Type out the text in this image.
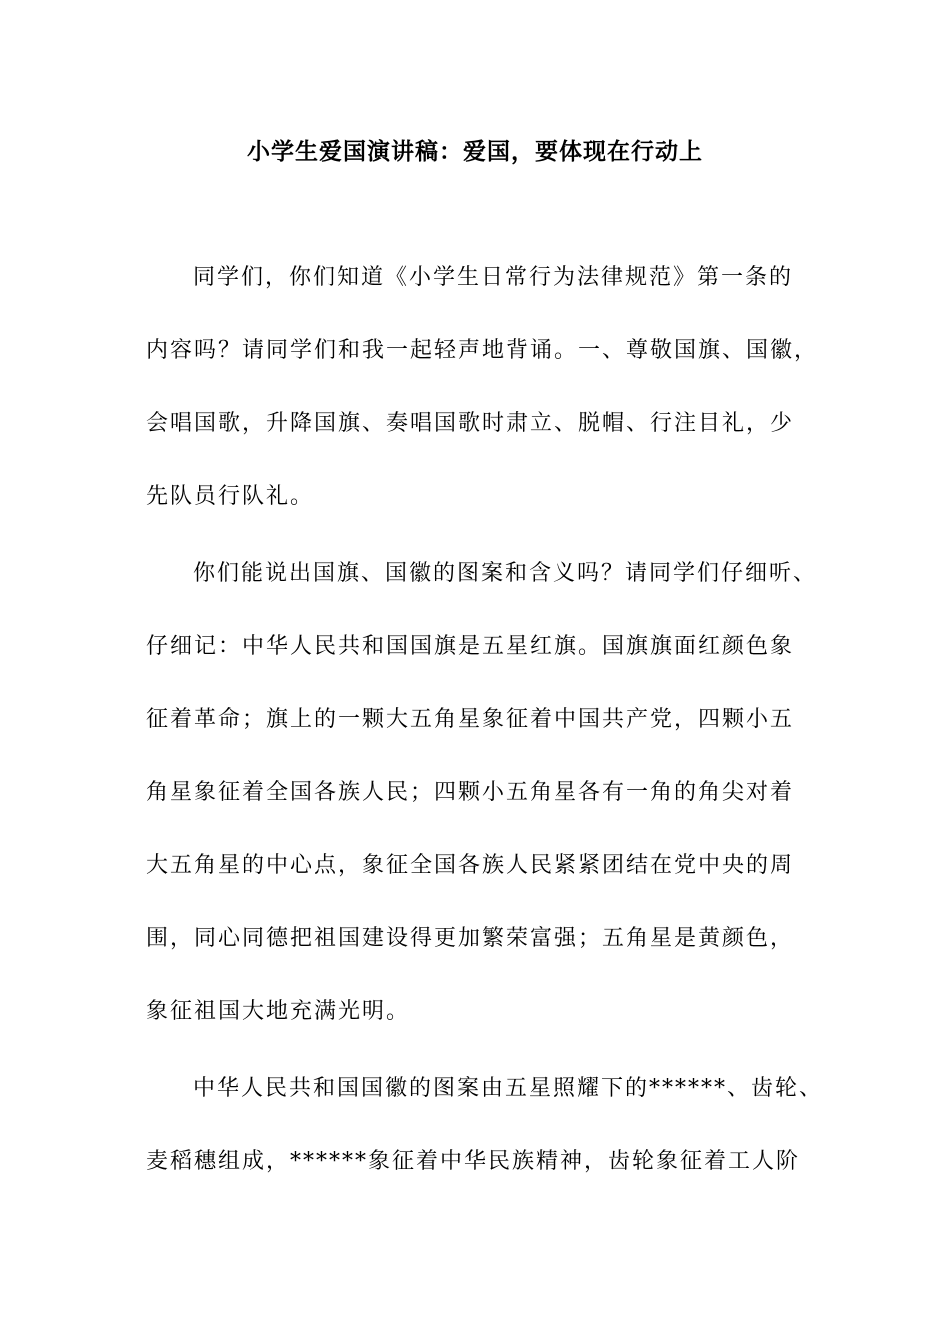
小学生爱国演讲稿：爱国，要体现在行动上
同学们，你们知道《小学生日常行为法律规范》第一条的
内容吗？请同学们和我一起轻声地背诵。一、尊敬国旗、国徽，
会唱国歌，升降国旗、奏唱国歌时肃立、脱帽、行注目礼，少
先队员行队礼。
你们能说出国旗、国徽的图案和含义吗？请同学们仔细听、
仔细记：中华人民共和国国旗是五星红旗。国旗旗面红颜色象
征着革命；旗上的一颗大五角星象征着中国共产党，四颗小五
角星象征着全国各族人民；四颗小五角星各有一角的角尖对着
大五角星的中心点，象征全国各族人民紧紧团结在党中央的周
围，同心同德把祖国建设得更加繁荣富强；五角星是黄颜色，
象征祖国大地充满光明。
中华人民共和国国徽的图案由五星照耀下的******、齿轮、
麦稻穗组成，******象征着中华民族精神，齿轮象征着工人阶
